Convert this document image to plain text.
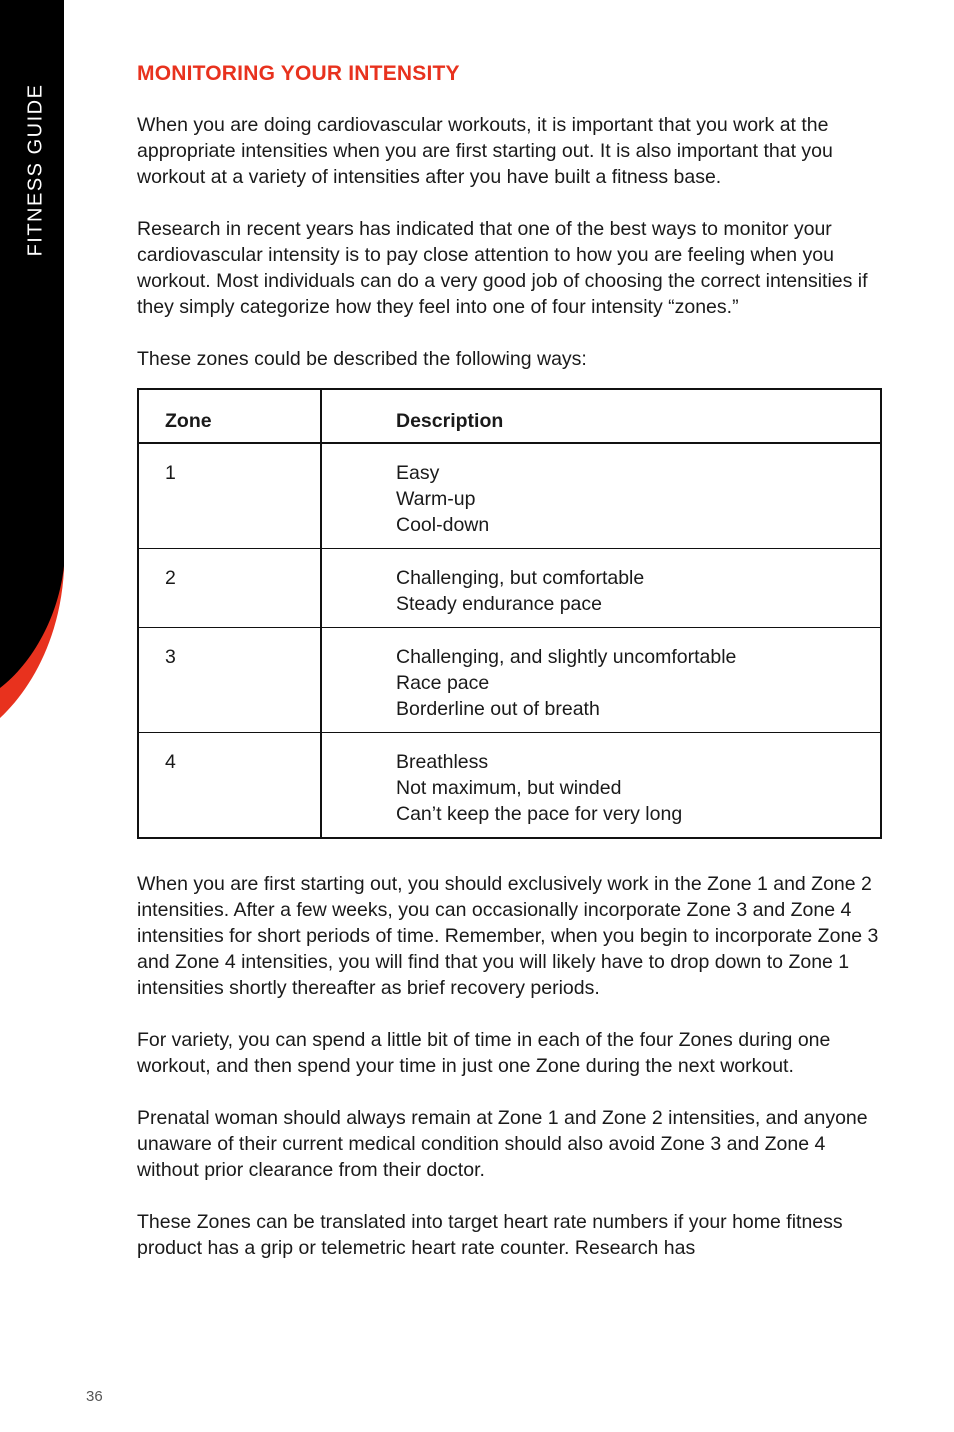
FITNESS GUIDE
MONITORING YOUR INTENSITY

When you are doing cardiovascular workouts, it is important that you work at the appropriate intensities when you are first starting out. It is also important that you workout at a variety of intensities after you have built a fitness base.

Research in recent years has indicated that one of the best ways to monitor your cardiovascular intensity is to pay close attention to how you are feeling when you workout. Most individuals can do a very good job of choosing the correct intensities if they simply categorize how they feel into one of four intensity “zones.”

These zones could be described the following ways:

Zone	Description
1	Easy
Warm-up
Cool-down

2	Challenging, but comfortable
Steady endurance pace

3	Challenging, and slightly uncomfortable
Race pace
Borderline out of breath

4	Breathless
Not maximum, but winded
Can’t keep the pace for very long

When you are first starting out, you should exclusively work in the Zone 1 and Zone 2 intensities. After a few weeks, you can occasionally incorporate Zone 3 and Zone 4 intensities for short periods of time. Remember, when you begin to incorporate Zone 3 and Zone 4 intensities, you will find that you will likely have to drop down to Zone 1 intensities shortly thereafter as brief recovery periods.

For variety, you can spend a little bit of time in each of the four Zones during one workout, and then spend your time in just one Zone during the next workout.

Prenatal woman should always remain at Zone 1 and Zone 2 intensities, and anyone unaware of their current medical condition should also avoid Zone 3 and Zone 4 without prior clearance from their doctor.

These Zones can be translated into target heart rate numbers if your home fitness product has a grip or telemetric heart rate counter. Research has

36
